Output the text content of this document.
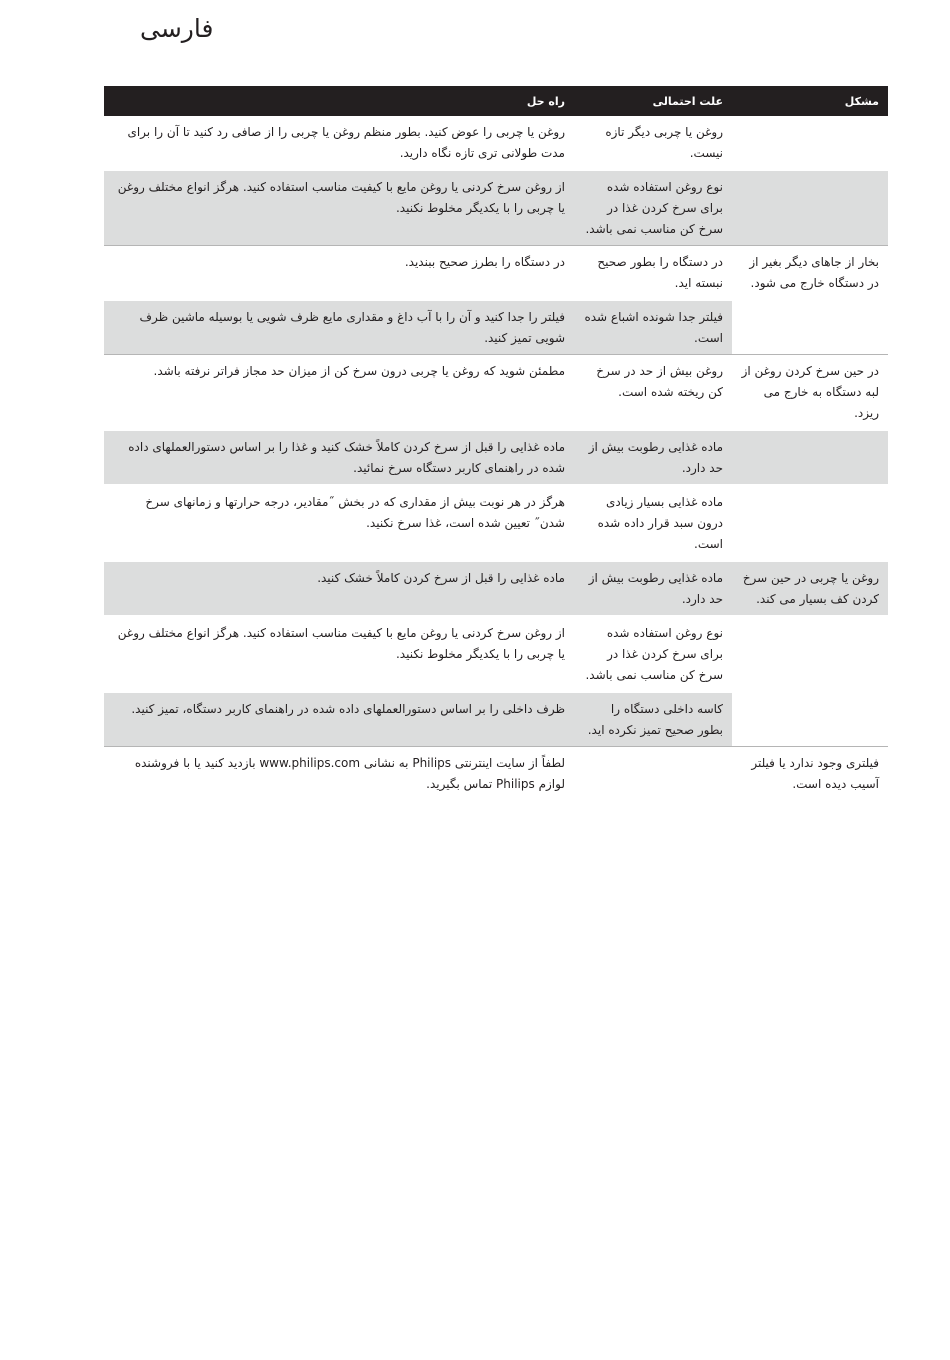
فارسی
مشکل	علت احتمالی	راه حل
	روغن یا چربی دیگر تازه نیست.	روغن یا چربی را عوض کنید. بطور منظم روغن یا چربی را از صافی رد کنید تا آن را برای مدت طولانی تری تازه نگاه دارید.
	نوع روغن استفاده شده برای سرخ کردن غذا در سرخ کن مناسب نمی باشد.	از روغن سرخ کردنی یا روغن مایع با کیفیت مناسب استفاده کنید. هرگز انواع مختلف روغن یا چربی را با یکدیگر مخلوط نکنید.
بخار از جاهای دیگر بغیر از در دستگاه خارج می شود.	در دستگاه را بطور صحیح نبسته اید.	در دستگاه را بطرز صحیح ببندید.
	فیلتر جدا شونده اشباع شده است.	فیلتر را جدا کنید و آن را با آب داغ و مقداری مایع ظرف شویی یا بوسیله ماشین ظرف شویی تمیز کنید.
در حین سرخ کردن روغن از لبه دستگاه به خارج می ریزد.	روغن بیش از حد در سرخ کن ریخته شده است.	مطمئن شوید که روغن یا چربی درون سرخ کن از میزان حد مجاز فراتر نرفته باشد.
	ماده غذایی رطوبت بیش از حد دارد.	ماده غذایی را قبل از سرخ کردن کاملاً خشک کنید و غذا را بر اساس دستورالعملهای داده شده در راهنمای کاربر دستگاه سرخ نمائید.
	ماده غذایی بسیار زیادی درون سبد قرار داده شده است.	هرگز در هر نوبت بیش از مقداری که در بخش ˝مقادیر، درجه حرارتها و زمانهای سرخ شدن˝ تعیین شده است، غذا سرخ نکنید.
روغن یا چربی در حین سرخ کردن کف بسیار می کند.	ماده غذایی رطوبت بیش از حد دارد.	ماده غذایی را قبل از سرخ کردن کاملاً خشک کنید.
	نوع روغن استفاده شده برای سرخ کردن غذا در سرخ کن مناسب نمی باشد.	از روغن سرخ کردنی یا روغن مایع با کیفیت مناسب استفاده کنید. هرگز انواع مختلف روغن یا چربی را با یکدیگر مخلوط نکنید.
	کاسه داخلی دستگاه را بطور صحیح تمیز نکرده اید.	ظرف داخلی را بر اساس دستورالعملهای داده شده در راهنمای کاربر دستگاه، تمیز کنید.
فیلتری وجود ندارد یا فیلتر آسیب دیده است.		لطفاً از سایت اینترنتی Philips به نشانی www.philips.com بازدید کنید یا با فروشنده لوازم Philips تماس بگیرید.
